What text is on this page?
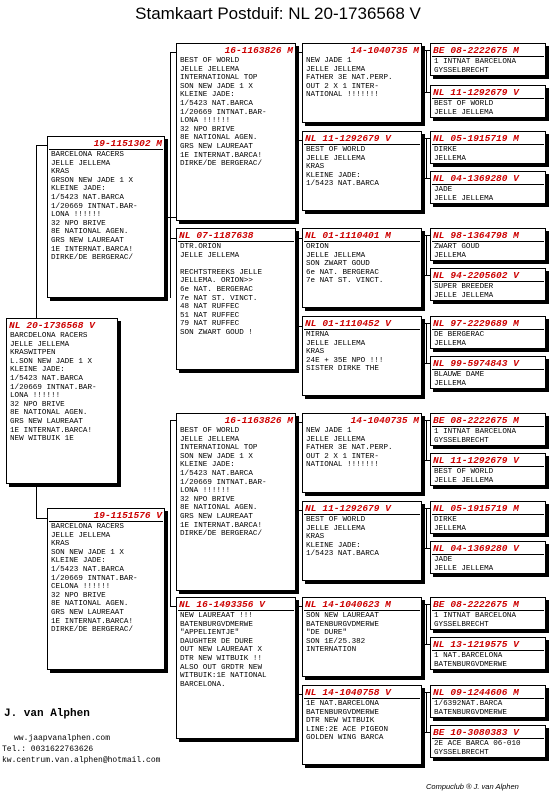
Stamkaart Postduif: NL 20-1736568 V
NL 20-1736568 V
BARCDELONA RACERS
JELLE JELLEMA
KRASWITPEN
L.SON NEW JADE 1 X
KLEINE JADE:
1/5423 NAT.BARCA
1/20669 INTNAT.BAR-
LONA !!!!!!
32 NPO BRIVE
8E NATIONAL AGEN.
GRS NEW LAUREAAT
1E INTERNAT.BARCA!
NEW WITBUIK 1E
19-1151302 M
BARCELONA RACERS
JELLE JELLEMA
KRAS
GRSON NEW JADE 1 X
KLEINE JADE:
1/5423 NAT.BARCA
1/20669 INTNAT.BAR-
LONA !!!!!!
32 NPO BRIVE
8E NATIONAL AGEN.
GRS NEW LAUREAAT
1E INTERNAT.BARCA!
DIRKE/DE BERGERAC/
19-1151576 V
BARCELONA RACERS
JELLE JELLEMA
KRAS
SON NEW JADE 1 X
KLEINE JADE:
1/5423 NAT.BARCA
1/20669 INTNAT.BAR-
CELONA !!!!!!
32 NPO BRIVE
8E NATIONAL AGEN.
GRS NEW LAUREAAT
1E INTERNAT.BARCA!
DIRKE/DE BERGERAC/
16-1163826 M
BEST OF WORLD
JELLE JELLEMA
INTERNATIONAL TOP
SON NEW JADE 1 X
KLEINE JADE:
1/5423 NAT.BARCA
1/20669 INTNAT.BAR-
LONA !!!!!!
32 NPO BRIVE
8E NATIONAL AGEN.
GRS NEW LAUREAAT
1E INTERNAT.BARCA!
DIRKE/DE BERGERAC/
NL 07-1187638
DTR.ORION
JELLE JELLEMA

RECHTSTREEKS JELLE
JELLEMA. ORION>>
6e NAT. BERGERAC
7e NAT ST. VINCT.
48 NAT RUFFEC
51 NAT RUFFEC
79 NAT RUFFEC
SON ZWART GOUD !
16-1163826 M
BEST OF WORLD
JELLE JELLEMA
INTERNATIONAL TOP
SON NEW JADE 1 X
KLEINE JADE:
1/5423 NAT.BARCA
1/20669 INTNAT.BAR-
LONA !!!!!!
32 NPO BRIVE
8E NATIONAL AGEN.
GRS NEW LAUREAAT
1E INTERNAT.BARCA!
DIRKE/DE BERGERAC/
NL 16-1493356 V
NEW LAUREAAT !!!
BATENBURGVDMERWE
"APPELIENTJE"
DAUGHTER DE DURE
OUT NEW LAUREAAT X
DTR NEW WITBUIK !!
ALSO OUT GRDTR NEW
WITBUIK:1E NATIONAL
BARCELONA.
14-1040735 M
NEW JADE 1
JELLE JELLEMA
FATHER 3E NAT.PERP.
OUT 2 X 1 INTER-
NATIONAL !!!!!!!
NL 11-1292679 V
BEST OF WORLD
JELLE JELLEMA
KRAS
KLEINE JADE:
1/5423 NAT.BARCA
NL 01-1110401 M
ORION
JELLE JELLEMA
SON ZWART GOUD
6e NAT. BERGERAC
7e NAT ST. VINCT.
NL 01-1110452 V
MIRNA
JELLE JELLEMA
KRAS
24E + 35E NPO !!!
SISTER DIRKE THE
14-1040735 M
NEW JADE 1
JELLE JELLEMA
FATHER 3E NAT.PERP.
OUT 2 X 1 INTER-
NATIONAL !!!!!!!
NL 11-1292679 V
BEST OF WORLD
JELLE JELLEMA
KRAS
KLEINE JADE:
1/5423 NAT.BARCA
NL 14-1040623 M
SON NEW LAUREAAT
BATENBURGVDMERWE
"DE DURE"
SON 1E/25.382
INTERNATION
NL 14-1040758 V
1E NAT.BARCELONA
BATENBURGVDMERWE
DTR NEW WITBUIK
LINE:2E ACE PIGEON
GOLDEN WING BARCA
BE 08-2222675 M
1 INTNAT BARCELONA
GYSSELBRECHT
NL 11-1292679 V
BEST OF WORLD
JELLE JELLEMA
NL 05-1915719 M
DIRKE
JELLEMA
NL 04-1369280 V
JADE
JELLE JELLEMA
NL 98-1364798 M
ZWART GOUD
JELLEMA
NL 94-2205602 V
SUPER BREEDER
JELLE JELLEMA
NL 97-2229689 M
DE BERGERAC
JELLEMA
NL 99-5974843 V
BLAUWE DAME
JELLEMA
BE 08-2222675 M
1 INTNAT BARCELONA
GYSSELBRECHT
NL 11-1292679 V
BEST OF WORLD
JELLE JELLEMA
NL 05-1915719 M
DIRKE
JELLEMA
NL 04-1369280 V
JADE
JELLE JELLEMA
BE 08-2222675 M
1 INTNAT BARCELONA
GYSSELBRECHT
NL 13-1219575 V
1 NAT.BARCELONA
BATENBURGVDMERWE
NL 09-1244606 M
1/6392NAT.BARCA
BATENBURGVDMERWE
BE 10-3080383 V
2E ACE BARCA 06-010
GYSSELBRECHT
J. van Alphen
ww.jaapvanalphen.com
Tel.: 0031622763626
kw.centrum.van.alphen@hotmail.com
Compuclub ® J. van Alphen
